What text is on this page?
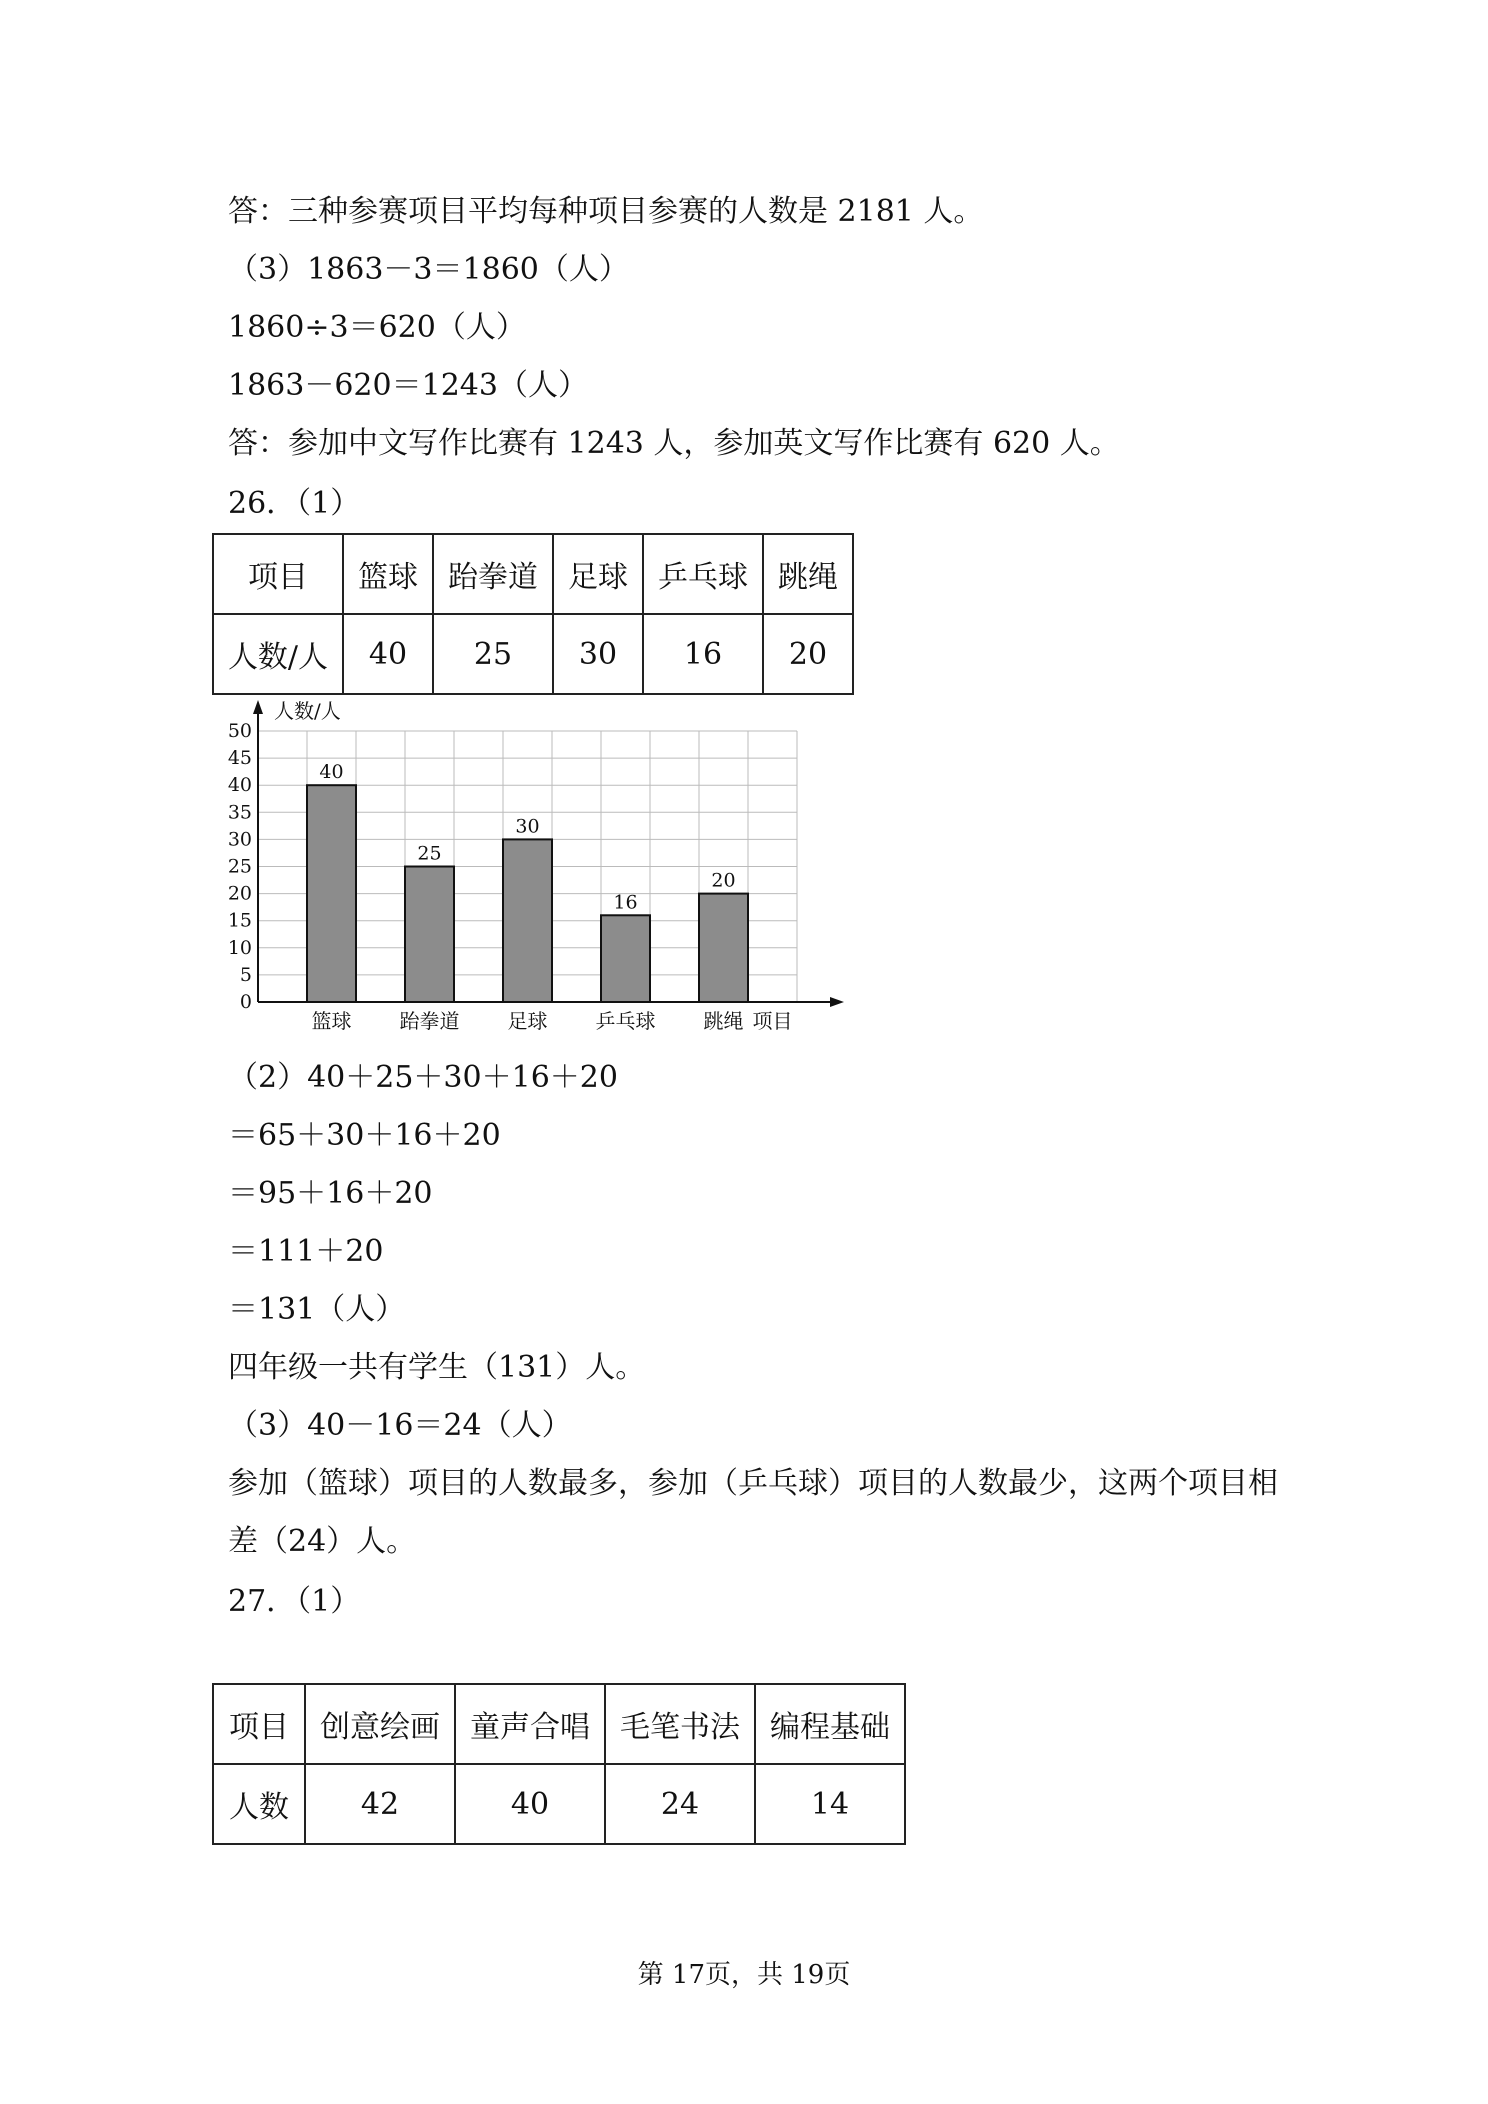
答：三种参赛项目平均每种项目参赛的人数是 2181 人。
（3）1863－3＝1860（人）
1860÷3＝620（人）
1863－620＝1243（人）
答：参加中文写作比赛有 1243 人，参加英文写作比赛有 620 人。
26．（1）
项目	篮球	跆拳道	足球	乒乓球	跳绳
人数/人	40	25	30	16	20
0
5
10
15
20
25
30
35
40
45
50
人数/人
40
篮球
25
跆拳道
30
足球
16
乒乓球
20
跳绳 项目
（2）40＋25＋30＋16＋20
＝65＋30＋16＋20
＝95＋16＋20
＝111＋20
＝131（人）
四年级一共有学生（131）人。
（3）40－16＝24（人）
参加（篮球）项目的人数最多，参加（乒乓球）项目的人数最少，这两个项目相
差（24）人。
27．（1）
项目	创意绘画	童声合唱	毛笔书法	编程基础
人数	42	40	24	14
第 17页，共 19页
